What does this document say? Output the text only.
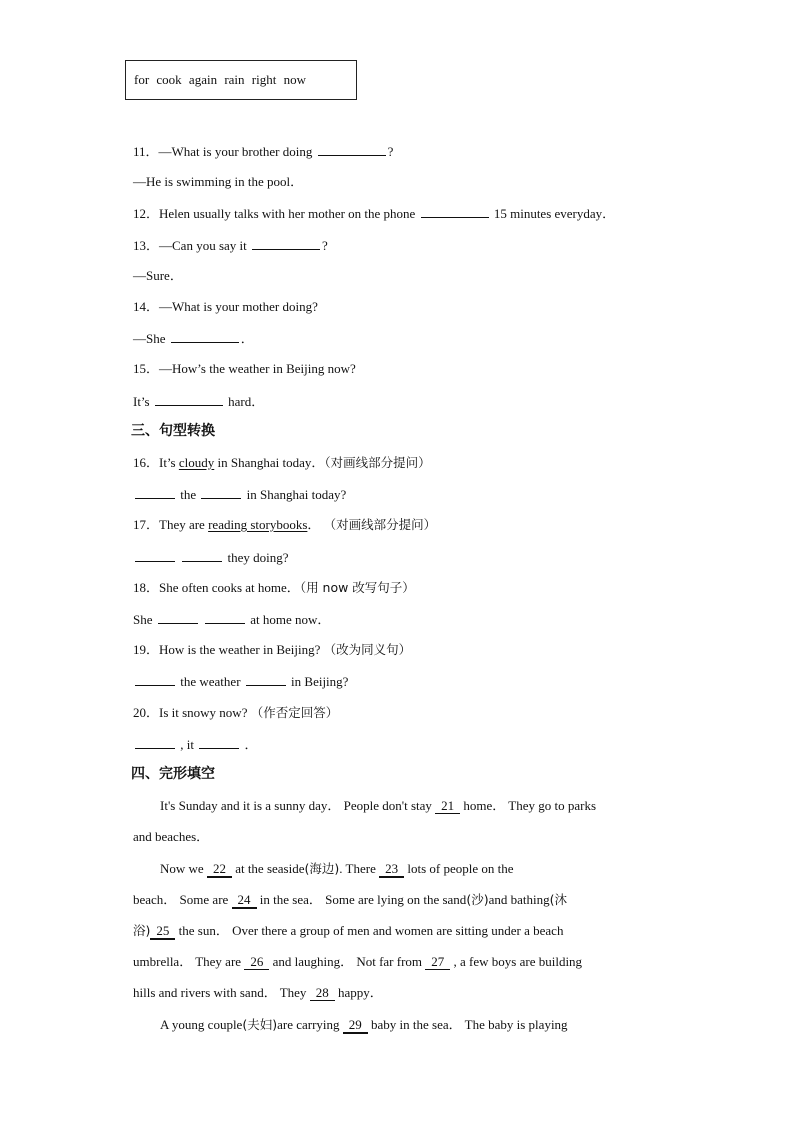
for cook again rain right now
11．—What is your brother doing	?
—He is swimming in the pool．
12．Helen usually talks with her mother on the phone	15 minutes everyday．
13．—Can you say it	?
—Sure．
14．—What is your mother doing?
—She	．
15．—How’s the weather in Beijing now?
It’s	hard．
三、句型转换
16．It’s cloudy in Shanghai today．（对画线部分提问）
the	in Shanghai today?
17．They are reading storybooks． （对画线部分提问）
they doing?
18．She often cooks at home．（用 now 改写句子）
She	at home now．
19．How is the weather in Beijing? （改为同义句）
the weather	in Beijing?
20．Is it snowy now? （作否定回答）
, it	．
四、完形填空
It's Sunday and it is a sunny day． People don't stay 21 home． They go to parks
and beaches．
Now we 22 at the seaside(海边). There 23 lots of people on the
beach． Some are 24 in the sea． Some are lying on the sand(沙)and bathing(沐
浴) 25 the sun． Over there a group of men and women are sitting under a beach
umbrella． They are 26 and laughing． Not far from 27 , a few boys are building
hills and rivers with sand． They 28 happy．
A young couple(夫妇)are carrying 29 baby in the sea． The baby is playing
